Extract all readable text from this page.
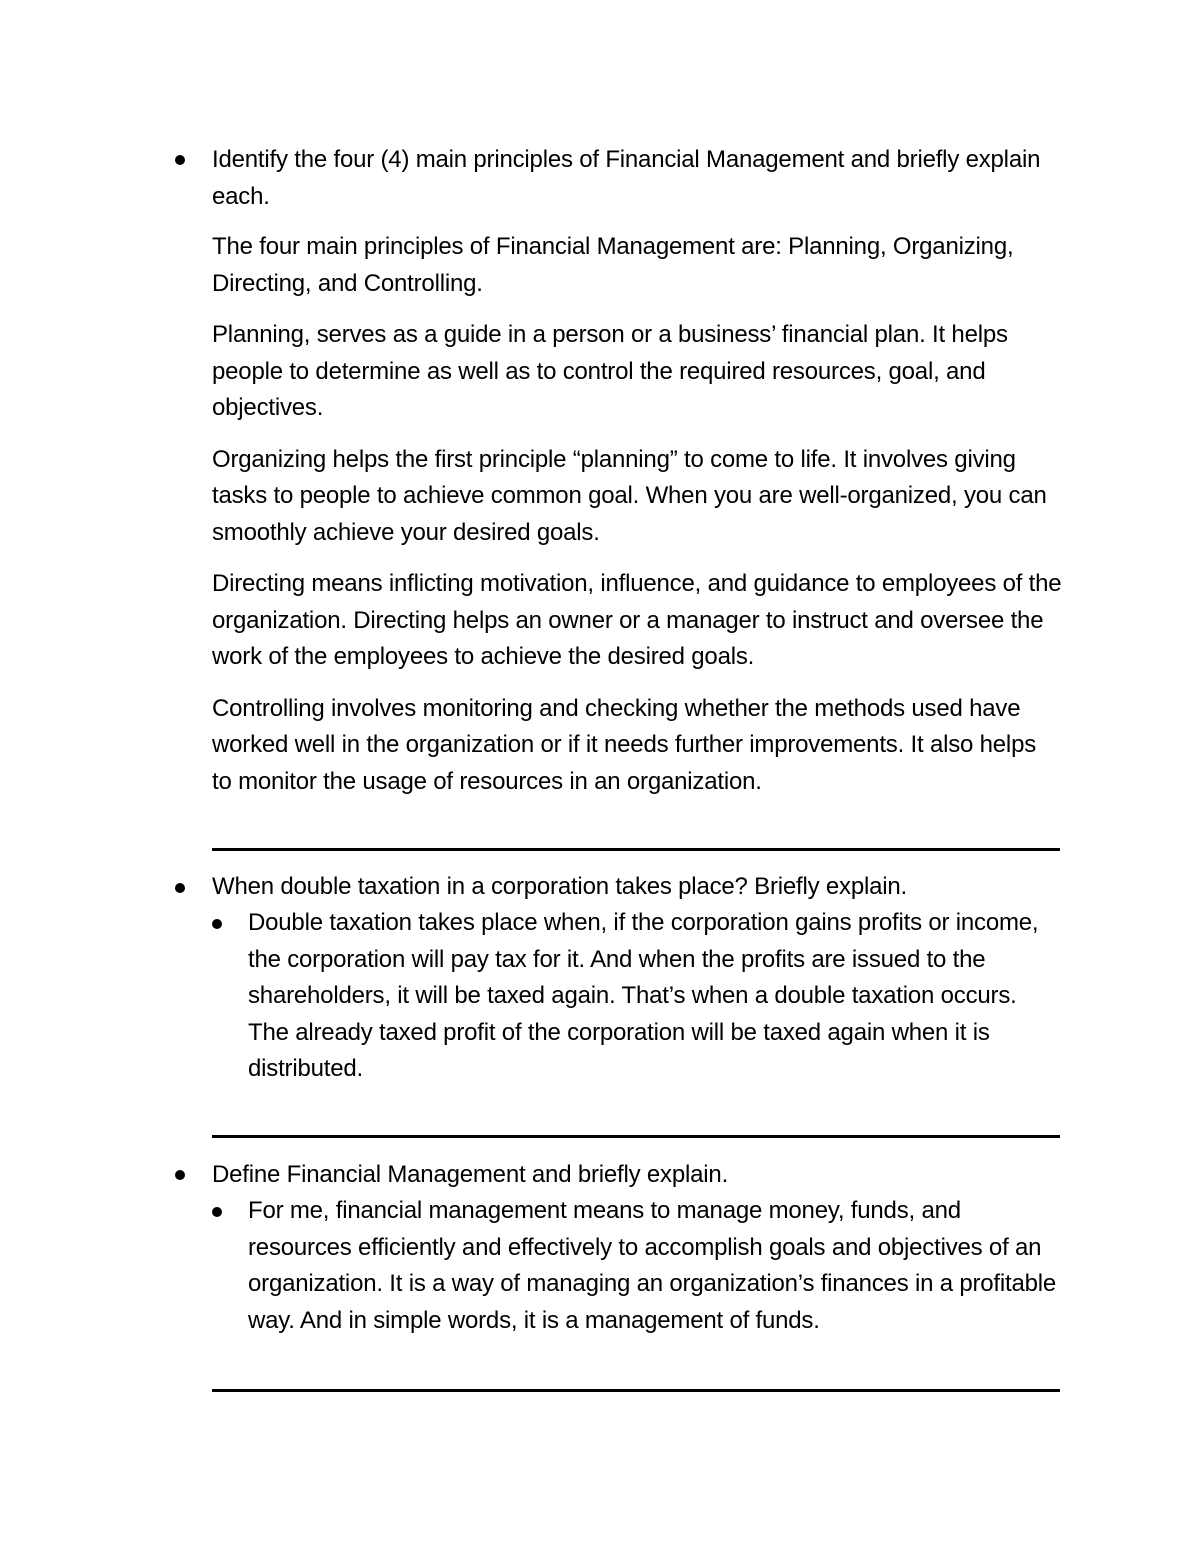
Identify the four (4) main principles of Financial Management and briefly explain each.

The four main principles of Financial Management are: Planning, Organizing, Directing, and Controlling.

Planning, serves as a guide in a person or a business’ financial plan. It helps people to determine as well as to control the required resources, goal, and objectives.

Organizing helps the first principle “planning” to come to life. It involves giving tasks to people to achieve common goal. When you are well-organized, you can smoothly achieve your desired goals.

Directing means inflicting motivation, influence, and guidance to employees of the organization. Directing helps an owner or a manager to instruct and oversee the work of the employees to achieve the desired goals.

Controlling involves monitoring and checking whether the methods used have worked well in the organization or if it needs further improvements. It also helps to monitor the usage of resources in an organization.

When double taxation in a corporation takes place? Briefly explain.
Double taxation takes place when, if the corporation gains profits or income, the corporation will pay tax for it. And when the profits are issued to the shareholders, it will be taxed again. That’s when a double taxation occurs. The already taxed profit of the corporation will be taxed again when it is distributed.
Define Financial Management and briefly explain.
For me, financial management means to manage money, funds, and resources efficiently and effectively to accomplish goals and objectives of an organization. It is a way of managing an organization’s finances in a profitable way. And in simple words, it is a management of funds.
